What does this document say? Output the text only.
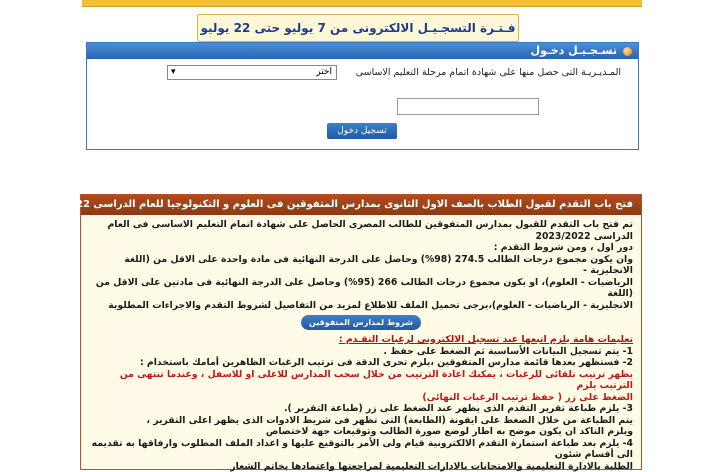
فـتـرة التسجـيـل الالكترونى من 7 يوليو حتى 22 يوليو
تسـجـيـل دخـول
المـديـريـة التى حصل منها على شهادة اتمام مرحلة التعليم الاساسى
اختر
▾
تسجيل دخول
فتح باب التقدم لقبول الطلاب بالصف الاول الثانوى بمدارس المتفوقين فى العلوم و التكنولوجيا للعام الدراسى 2022-2023

تم فتح باب التقدم للقبول بمدارس المتفوقين للطالب المصرى الحاصل على شهادة اتمام التعليم الاساسى فى العام الدراسى 2023/2022

دور اول ، ومن شروط التقدم :

وان يكون مجموع درجات الطالب 274.5 (98%) وحاصل على الدرجة النهائية فى مادة واحدة على الاقل من (اللغة الانجليزية -

الرياضيات - العلوم)، او يكون مجموع درجات الطالب 266 (95%) وحاصل على الدرجة النهائية فى مادتين على الاقل من (اللغة

الانجليزية - الرياضيات - العلوم)،يرجى تحميل الملف للاطلاع لمزيد من التفاصيل لشروط التقدم والاجراءات المطلوبة

شروط لمدارس المتفوقين

تعليمات هامة يلزم اتبعها عند تسجيل الالكترونى لرغبات التقـدم :

1- يتم تسجيل البيانات الأساسية ثم الضغط على حفظ .

2- فستظهر بعدها قائمة مدارس المتفوقين ،يلزم تحرى الدقة فى ترتيب الرغبات الظاهرين أمامك باستخدام :

يظهر ترتيب تلقائى للرغبات ، يمكنك اعادة الترتيب من خلال سحب المدارس للاعلى او للاسفل ، وعندما تنتهى من الترتيب يلزم

الضغط على زر ( حفظ ترتيب الرغبات النهائى)

3- يلزم طباعة تقرير التقدم الذى يظهر عند الضغط على زر (طباعة التقرير ).

يتم الطباعة من خلال الضغط على ايقونة (الطابعة) التى تظهر فى شريط الادوات الذى يظهر اعلى التقرير ،

ويلزم التاكد ان يكون موضح به اطار لوضع صورة الطالب وتوقيعات جهة لاختصاص

4- يلزم بعد طباعة استمارة التقدم الالكترونية قيام ولى الأمر بالتوقيع عليها و اعداد الملف المطلوب وارفاقها به تقديمه الى أقسام شئون

الطلبة بالادارة التعليمية والامتحانات بالادارات التعليمية لمراجعتها واعتمادها بخاتم الشعار
